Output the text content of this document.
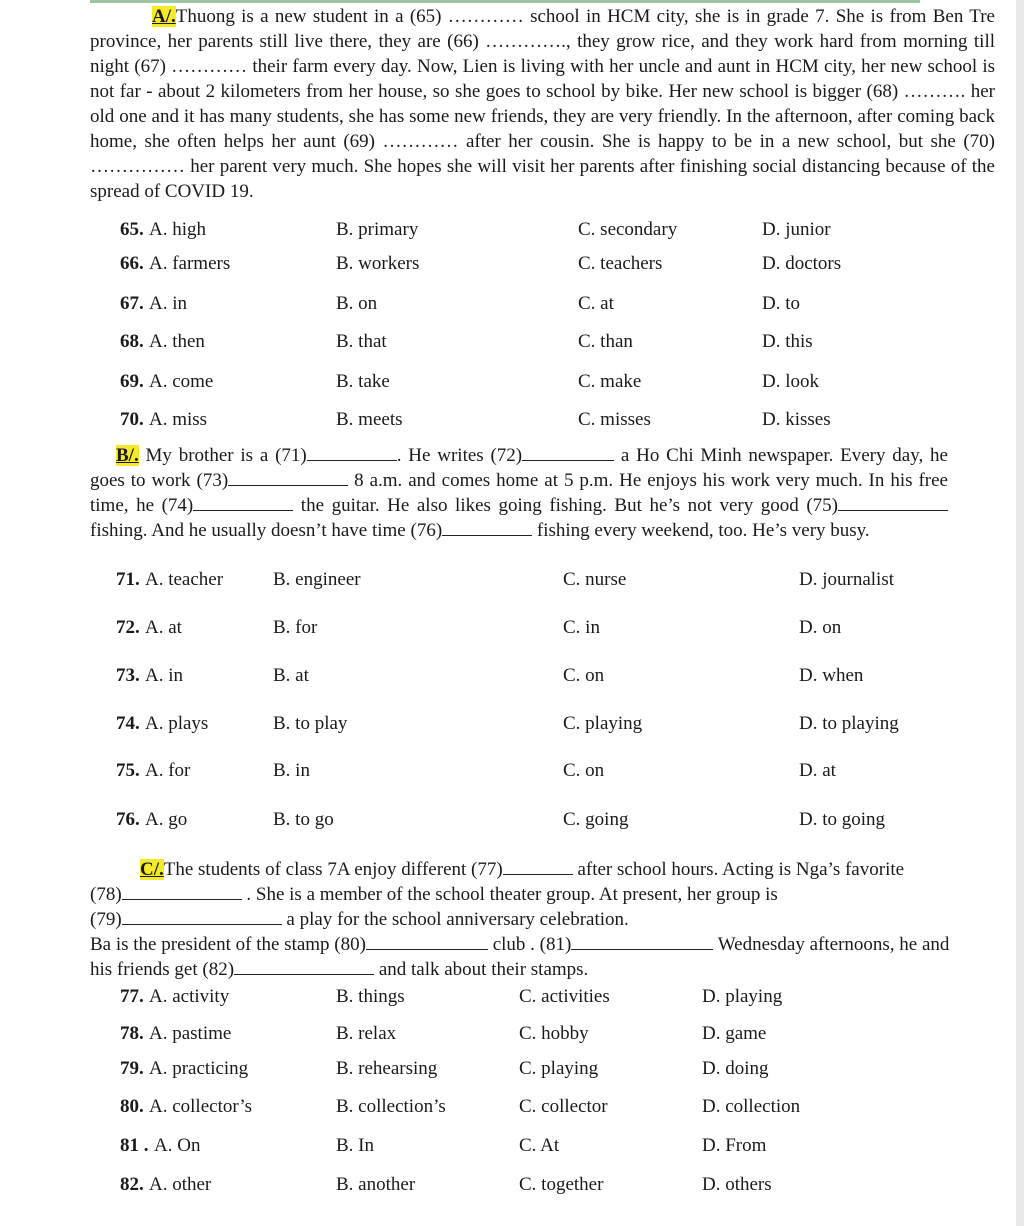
A/.Thuong is a new student in a (65) ………… school in HCM city, she is in grade 7. She is from Ben Tre province, her parents still live there, they are (66) …………., they grow rice, and they work hard from morning till night (67) ………… their farm every day. Now, Lien is living with her uncle and aunt in HCM city, her new school is not far - about 2 kilometers from her house, so she goes to school by bike. Her new school is bigger (68) ………. her old one and it has many students, she has some new friends, they are very friendly. In the afternoon, after coming back home, she often helps her aunt (69) ………… after her cousin. She is happy to be in a new school, but she (70) …………… her parent very much. She hopes she will visit her parents after finishing social distancing because of the spread of COVID 19.

65. A. high	B. primary	C. secondary	D. junior
66. A. farmers	B. workers	C. teachers	D. doctors
67. A. in	B. on	C. at	D. to
68. A. then	B. that	C. than	D. this
69. A. come	B. take	C. make	D. look
70. A. miss	B. meets	C. misses	D. kisses

B/. My brother is a (71)	. He writes (72)	a Ho Chi Minh newspaper. Every day, he goes to work (73)	8 a.m. and comes home at 5 p.m. He enjoys his work very much. In his free time, he (74)	the guitar. He also likes going fishing. But he’s not very good (75) fishing. And he usually doesn’t have time (76)	fishing every weekend, too. He’s very busy.

71. A. teacher	B. engineer	C. nurse	D. journalist
72. A. at	B. for	C. in	D. on
73. A. in	B. at	C. on	D. when
74. A. plays	B. to play	C. playing	D. to playing
75. A. for	B. in	C. on	D. at
76. A. go	B. to go	C. going	D. to going
C/.The students of class 7A enjoy different (77)	after school hours. Acting is Nga’s favorite
(78)	. She is a member of the school theater group. At present, her group is
(79)	a play for the school anniversary celebration.
Ba is the president of the stamp (80)	club . (81)	Wednesday afternoons, he and
his friends get (82)	and talk about their stamps.
77. A. activity	B. things	C. activities	D. playing
78. A. pastime	B. relax	C. hobby	D. game
79. A. practicing	B. rehearsing	C. playing	D. doing
80. A. collector’s	B. collection’s	C. collector	D. collection
81 . A. On	B. In	C. At	D. From
82. A. other	B. another	C. together	D. others
